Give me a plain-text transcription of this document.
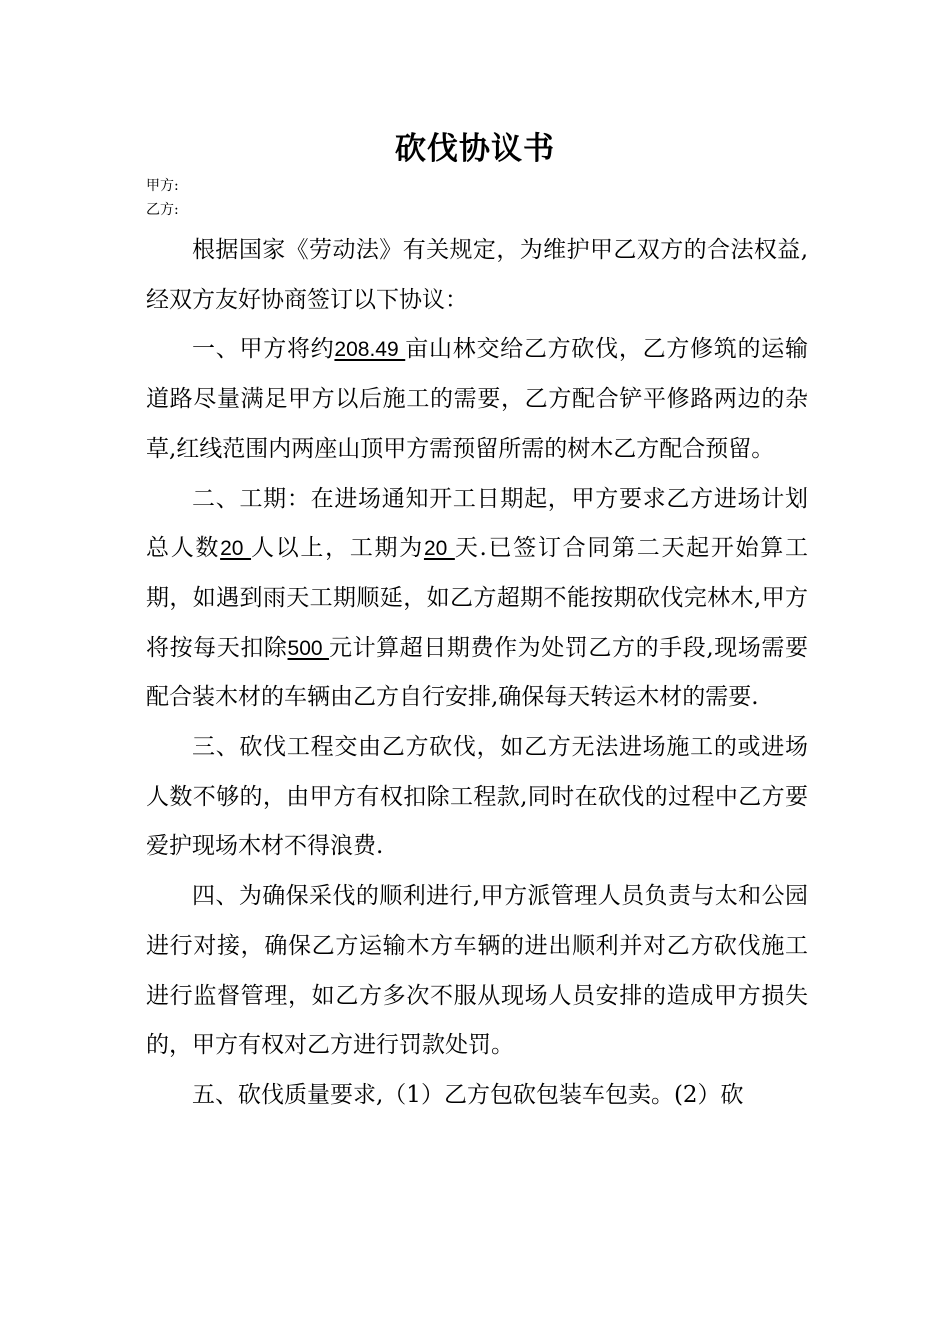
砍伐协议书
甲方:
乙方:

根据国家《劳动法》有关规定，为维护甲乙双方的合法权益,经双方友好协商签订以下协议：

一、甲方将约208.49 亩山林交给乙方砍伐，乙方修筑的运输道路尽量满足甲方以后施工的需要，乙方配合铲平修路两边的杂草,红线范围内两座山顶甲方需预留所需的树木乙方配合预留。

二、工期：在进场通知开工日期起，甲方要求乙方进场计划总人数20 人以上，工期为20 天.已签订合同第二天起开始算工期，如遇到雨天工期顺延，如乙方超期不能按期砍伐完林木,甲方将按每天扣除500 元计算超日期费作为处罚乙方的手段,现场需要配合装木材的车辆由乙方自行安排,确保每天转运木材的需要.

三、砍伐工程交由乙方砍伐，如乙方无法进场施工的或进场人数不够的，由甲方有权扣除工程款,同时在砍伐的过程中乙方要爱护现场木材不得浪费.

四、为确保采伐的顺利进行,甲方派管理人员负责与太和公园进行对接，确保乙方运输木方车辆的进出顺利并对乙方砍伐施工进行监督管理，如乙方多次不服从现场人员安排的造成甲方损失的，甲方有权对乙方进行罚款处罚。

五、砍伐质量要求,（1）乙方包砍包装车包卖。(2）砍
